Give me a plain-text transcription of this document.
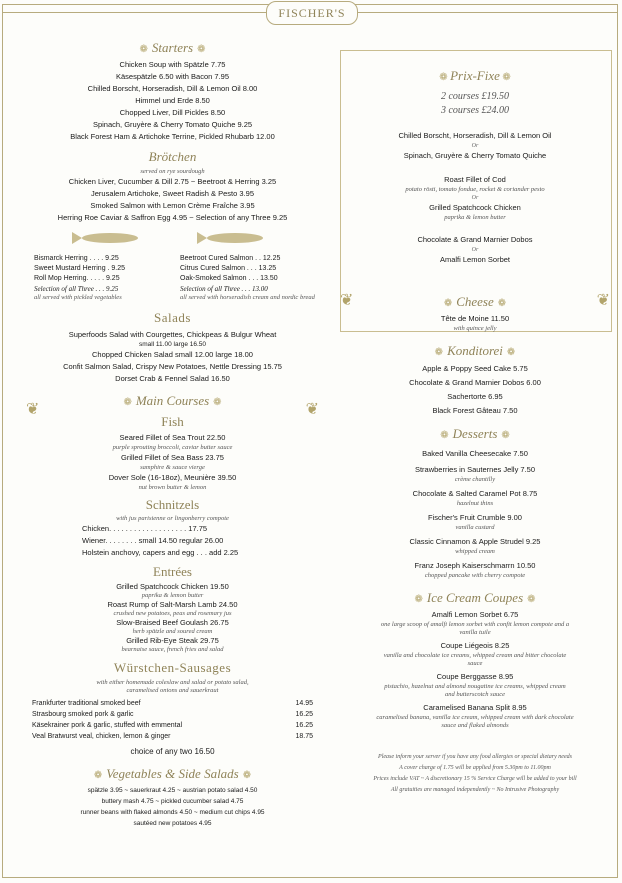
FISCHER'S
❁ Starters ❁
Chicken Soup with Spätzle 7.75
Käsespätzle 6.50 with Bacon 7.95
Chilled Borscht, Horseradish, Dill & Lemon Oil 8.00
Himmel und Erde 8.50
Chopped Liver, Dill Pickles 8.50
Spinach, Gruyère & Cherry Tomato Quiche 9.25
Black Forest Ham & Artichoke Terrine, Pickled Rhubarb 12.00
Brötchen
served on rye sourdough
Chicken Liver, Cucumber & Dill 2.75 ~ Beetroot & Herring 3.25
Jerusalem Artichoke, Sweet Radish & Pesto 3.95
Smoked Salmon with Lemon Crème Fraîche 3.95
Herring Roe Caviar & Saffron Egg 4.95 ~ Selection of any Three 9.25
Bismarck Herring . . . . 9.25
Sweet Mustard Herring . 9.25
Roll Mop Herring. . . . . 9.25
Selection of all Three . . . 9.25
all served with pickled vegetables
Beetroot Cured Salmon . . 12.25
Citrus Cured Salmon . . . 13.25
Oak-Smoked Salmon . . . 13.50
Selection of all Three . . . 13.00
all served with horseradish cream and nordic bread
Salads
Superfoods Salad with Courgettes, Chickpeas & Bulgur Wheat
small 11.00 large 16.50
Chopped Chicken Salad small 12.00 large 18.00
Confit Salmon Salad, Crispy New Potatoes, Nettle Dressing 15.75
Dorset Crab & Fennel Salad 16.50
❦	❦
❁ Main Courses ❁
Fish
Seared Fillet of Sea Trout 22.50
purple sprouting broccoli, caviar butter sauce
Grilled Fillet of Sea Bass 23.75
samphire & sauce vierge
Dover Sole (16-18oz), Meunière 39.50
nut brown butter & lemon
Schnitzels
with jus parisienne or lingonberry compote
Chicken. . . . . . . . . . . . . . . . . . . 17.75
Wiener. . . . . . . . small 14.50 regular 26.00
Holstein anchovy, capers and egg . . . add 2.25
Entrées
Grilled Spatchcock Chicken 19.50
paprika & lemon butter
Roast Rump of Salt-Marsh Lamb 24.50
crushed new potatoes, peas and rosemary jus
Slow-Braised Beef Goulash 26.75
herb spätzle and soured cream
Grilled Rib-Eye Steak 29.75
bearnaise sauce, french fries and salad
Würstchen-Sausages
with either homemade coleslaw and salad or potato salad, caramelised onions and sauerkraut
Frankfurter traditional smoked beef	14.95
Strasbourg smoked pork & garlic	16.25
Käsekrainer pork & garlic, stuffed with emmental	16.25
Veal Bratwurst veal, chicken, lemon & ginger	18.75
choice of any two 16.50
❁ Vegetables & Side Salads ❁
spätzle 3.95 ~ sauerkraut 4.25 ~ austrian potato salad 4.50
buttery mash 4.75 ~ pickled cucumber salad 4.75
runner beans with flaked almonds 4.50 ~ medium cut chips 4.95
sautéed new potatoes 4.95
❁ Prix-Fixe ❁
2 courses £19.50
3 courses £24.00
Chilled Borscht, Horseradish, Dill & Lemon Oil
Or
Spinach, Gruyère & Cherry Tomato Quiche
Roast Fillet of Cod
potato rösti, tomato fondue, rocket & coriander pesto
Or
Grilled Spatchcock Chicken
paprika & lemon butter
Chocolate & Grand Marnier Dobos
Or
Amalfi Lemon Sorbet
❦	❦
❁ Cheese ❁
Tête de Moine 11.50
with quince jelly
❁ Konditorei ❁
Apple & Poppy Seed Cake 5.75
Chocolate & Grand Marnier Dobos 6.00
Sachertorte 6.95
Black Forest Gâteau 7.50
❁ Desserts ❁
Baked Vanilla Cheesecake 7.50
Strawberries in Sauternes Jelly 7.50
crème chantilly
Chocolate & Salted Caramel Pot 8.75
hazelnut thins
Fischer's Fruit Crumble 9.00
vanilla custard
Classic Cinnamon & Apple Strudel 9.25
whipped cream
Franz Joseph Kaiserschmarrn 10.50
chopped pancake with cherry compote
❁ Ice Cream Coupes ❁
Amalfi Lemon Sorbet 6.75
one large scoop of amalfi lemon sorbet with confit lemon compote and a vanilla tuile
Coupe Liégeois 8.25
vanilla and chocolate ice creams, whipped cream and bitter chocolate sauce
Coupe Berggasse 8.95
pistachio, hazelnut and almond nougatine ice creams, whipped cream and butterscotch sauce
Caramelised Banana Split 8.95
caramelised banana, vanilla ice cream, whipped cream with dark chocolate sauce and flaked almonds
Please inform your server if you have any food allergies or special dietary needs
A cover charge of 1.75 will be applied from 5.30pm to 11.00pm
Prices include VAT ~ A discretionary 15 % Service Charge will be added to your bill
All gratuities are managed independently ~ No Intrusive Photography
